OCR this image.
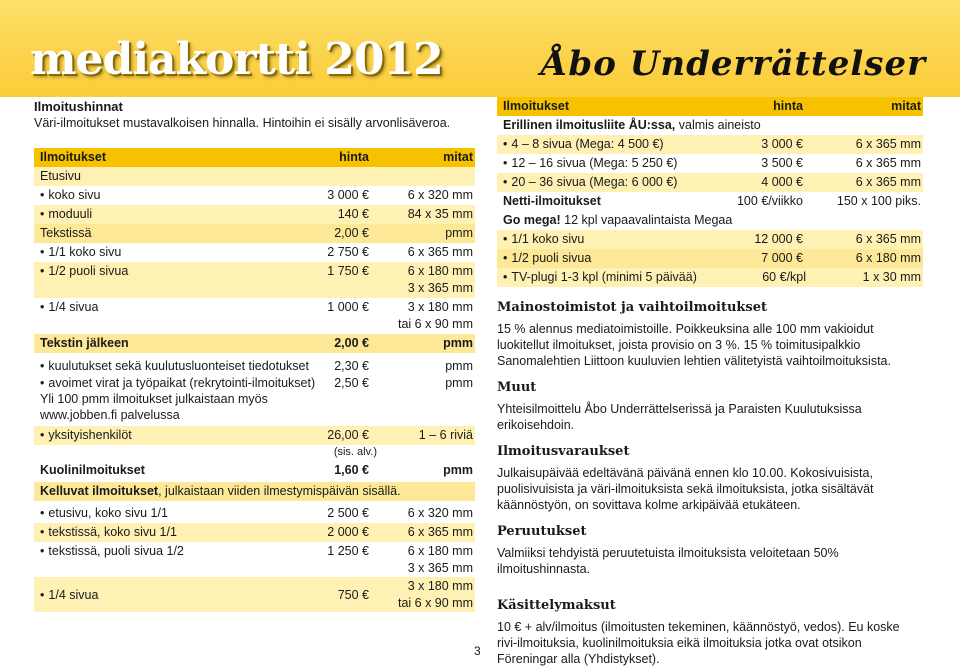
mediakortti 2012	Åbo Underrättelser
Ilmoitushinnat
Väri-ilmoitukset mustavalkoisen hinnalla. Hintoihin ei sisälly arvonlisäveroa.
Ilmoitukset	hinta	mitat
Etusivu
• koko sivu	3 000 €	6 x 320 mm
• moduuli	140 €	84 x 35 mm
Tekstissä	2,00 €	pmm
• 1/1 koko sivu	2 750 €	6 x 365 mm
• 1/2 puoli sivua	1 750 €	6 x 180 mm
3 x 365 mm
• 1/4 sivua	1 000 €	3 x 180 mm
tai 6 x 90 mm
Tekstin jälkeen	2,00 €	pmm
• kuulutukset sekä kuulutusluonteiset tiedotukset	2,30 €	pmm
• avoimet virat ja työpaikat (rekrytointi-ilmoitukset)	2,50 €	pmm
Yli 100 pmm ilmoitukset julkaistaan myös
www.jobben.fi palvelussa
• yksityishenkilöt	26,00 €	1 – 6 riviä
(sis. alv.)
Kuolinilmoitukset	1,60 €	pmm
Kelluvat ilmoitukset, julkaistaan viiden ilmestymispäivän sisällä.
• etusivu, koko sivu 1/1	2 500 €	6 x 320 mm
• tekstissä, koko sivu 1/1	2 000 €	6 x 365 mm
• tekstissä, puoli sivua 1/2	1 250 €	6 x 180 mm
3 x 365 mm
• 1/4 sivua	750 €
3 x 180 mm
tai 6 x 90 mm
Ilmoitukset	hinta	mitat
Erillinen ilmoitusliite ÅU:ssa, valmis aineisto
• 4 – 8 sivua (Mega: 4 500 €)	3 000 €	6 x 365 mm
• 12 – 16 sivua (Mega: 5 250 €)	3 500 €	6 x 365 mm
• 20 – 36 sivua (Mega: 6 000 €)	4 000 €	6 x 365 mm
Netti-ilmoitukset	100 €/viikko	150 x 100 piks.
Go mega! 12 kpl vapaavalintaista Megaa
• 1/1 koko sivu	12 000 €	6 x 365 mm
• 1/2 puoli sivua	7 000 €	6 x 180 mm
• TV-plugi 1-3 kpl (minimi 5 päivää)	60 €/kpl	1 x 30 mm
Mainostoimistot ja vaihtoilmoitukset
15 % alennus mediatoimistoille. Poikkeuksina alle 100 mm vakioidut luokitellut ilmoitukset, joista provisio on 3 %. 15 % toimitusipalkkio Sanomalehtien Liittoon kuuluvien lehtien välitetyistä vaihtoilmoituksista.
Muut
Yhteisilmoittelu Åbo Underrättelserissä ja Paraisten Kuulutuksissa erikoisehdoin.
Ilmoitusvaraukset
Julkaisupäivää edeltävänä päivänä ennen klo 10.00. Kokosivuisista, puolisivuisista ja väri-ilmoituksista sekä ilmoituksista, jotka sisältävät käännöstyön, on sovittava kolme arkipäivää etukäteen.
Peruutukset
Valmiiksi tehdyistä peruutetuista ilmoituksista veloitetaan 50% ilmoitushinnasta.
Käsittelymaksut
10 € + alv/ilmoitus (ilmoitusten tekeminen, käännöstyö, vedos). Eu koske rivi-ilmoituksia, kuolinilmoituksia eikä ilmoituksia jotka ovat otsikon Föreningar alla (Yhdistykset).
3
